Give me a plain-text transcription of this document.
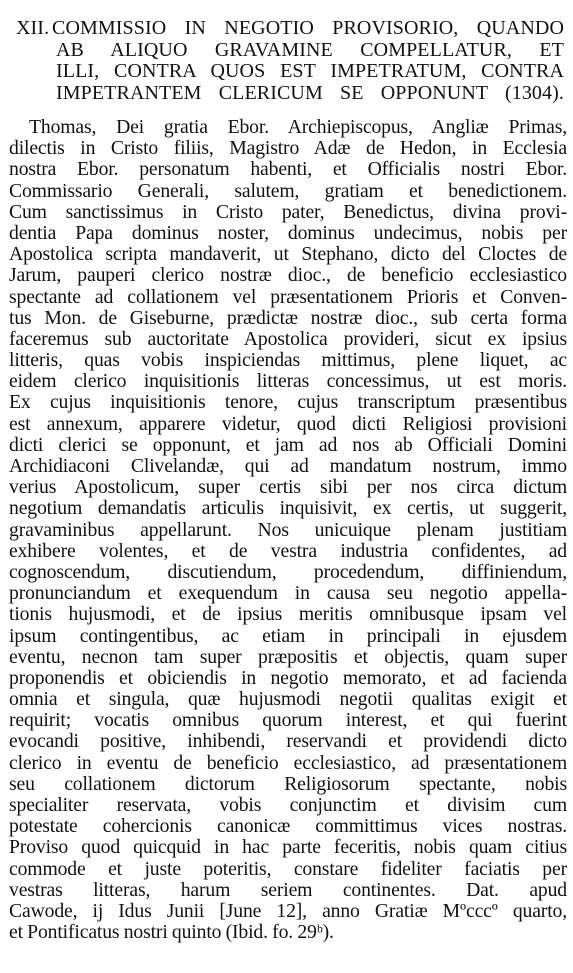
XII. COMMISSIO IN NEGOTIO PROVISORIO, QUANDO
AB ALIQUO GRAVAMINE COMPELLATUR, ET
ILLI, CONTRA QUOS EST IMPETRATUM, CONTRA
IMPETRANTEM CLERICUM SE OPPONUNT (1304).
Thomas, Dei gratia Ebor. Archiepiscopus, Angliæ Primas,
dilectis in Cristo filiis, Magistro Adæ de Hedon, in Ecclesia
nostra Ebor. personatum habenti, et Officialis nostri Ebor.
Commissario Generali, salutem, gratiam et benedictionem.
Cum sanctissimus in Cristo pater, Benedictus, divina provi-
dentia Papa dominus noster, dominus undecimus, nobis per
Apostolica scripta mandaverit, ut Stephano, dicto del Cloctes de
Jarum, pauperi clerico nostræ dioc., de beneficio ecclesiastico
spectante ad collationem vel præsentationem Prioris et Conven-
tus Mon. de Giseburne, prædictæ nostræ dioc., sub certa forma
faceremus sub auctoritate Apostolica provideri, sicut ex ipsius
litteris, quas vobis inspiciendas mittimus, plene liquet, ac
eidem clerico inquisitionis litteras concessimus, ut est moris.
Ex cujus inquisitionis tenore, cujus transcriptum præsentibus
est annexum, apparere videtur, quod dicti Religiosi provisioni
dicti clerici se opponunt, et jam ad nos ab Officiali Domini
Archidiaconi Clivelandæ, qui ad mandatum nostrum, immo
verius Apostolicum, super certis sibi per nos circa dictum
negotium demandatis articulis inquisivit, ex certis, ut suggerit,
gravaminibus appellarunt. Nos unicuique plenam justitiam
exhibere volentes, et de vestra industria confidentes, ad
cognoscendum, discutiendum, procedendum, diffiniendum,
pronunciandum et exequendum in causa seu negotio appella-
tionis hujusmodi, et de ipsius meritis omnibusque ipsam vel
ipsum contingentibus, ac etiam in principali in ejusdem
eventu, necnon tam super præpositis et objectis, quam super
proponendis et obiciendis in negotio memorato, et ad facienda
omnia et singula, quæ hujusmodi negotii qualitas exigit et
requirit; vocatis omnibus quorum interest, et qui fuerint
evocandi positive, inhibendi, reservandi et providendi dicto
clerico in eventu de beneficio ecclesiastico, ad præsentationem
seu collationem dictorum Religiosorum spectante, nobis
specialiter reservata, vobis conjunctim et divisim cum
potestate cohercionis canonicæ committimus vices nostras.
Proviso quod quicquid in hac parte feceritis, nobis quam citius
commode et juste poteritis, constare fideliter faciatis per
vestras litteras, harum seriem continentes. Dat. apud
Cawode, ij Idus Junii [June 12], anno Gratiæ Mºcccº quarto,
et Pontificatus nostri quinto (Ibid. fo. 29ᵇ).
